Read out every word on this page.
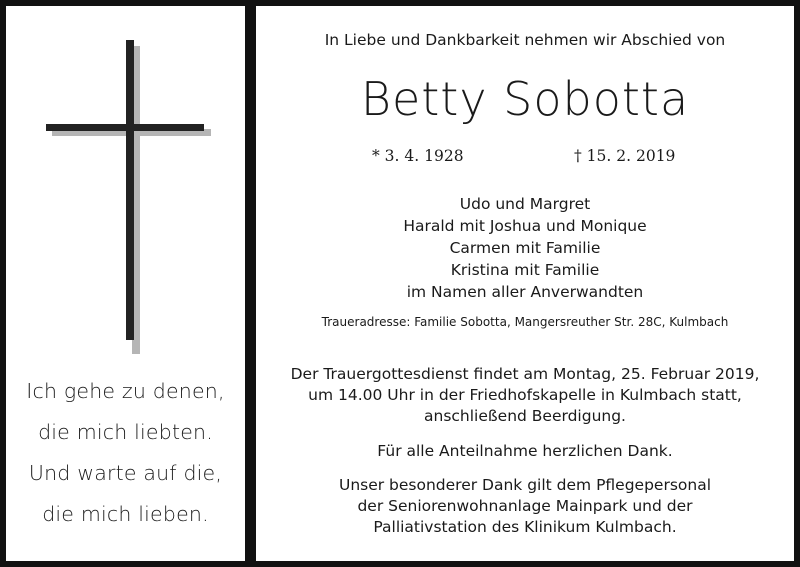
Ich gehe zu denen,
die mich liebten.
Und warte auf die,
die mich lieben.
In Liebe und Dankbarkeit nehmen wir Abschied von
Betty Sobotta
* 3. 4. 1928	† 15. 2. 2019
Udo und Margret
Harald mit Joshua und Monique
Carmen mit Familie
Kristina mit Familie
im Namen aller Anverwandten
Traueradresse: Familie Sobotta, Mangersreuther Str. 28C, Kulmbach
Der Trauergottesdienst findet am Montag, 25. Februar 2019,
um 14.00 Uhr in der Friedhofskapelle in Kulmbach statt,
anschließend Beerdigung.
Für alle Anteilnahme herzlichen Dank.
Unser besonderer Dank gilt dem Pflegepersonal
der Seniorenwohnanlage Mainpark und der
Palliativstation des Klinikum Kulmbach.
